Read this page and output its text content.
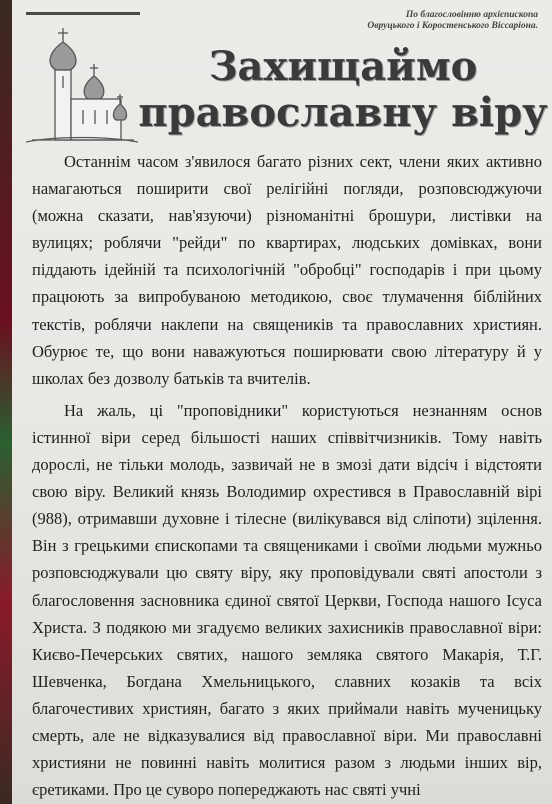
По благословінню архієпископа
Овруцького і Коростенського Віссаріона.
Захищаймо
православну віру

Останнім часом з'явилося багато різних сект, члени яких активно намагаються поширити свої релігійні погляди, розповсюджуючи (можна сказати, нав'язуючи) різноманітні брошури, листівки на вулицях; роблячи "рейди" по квартирах, людських домівках, вони піддають ідейній та психологічній "обробці" господарів і при цьому працюють за випробуваною методикою, своє тлумачення біблійних текстів, роблячи наклепи на священиків та православних християн. Обурює те, що вони наважуються поширювати свою літературу й у школах без дозволу батьків та вчителів.

На жаль, ці "проповідники" користуються незнанням основ істинної віри серед більшості наших співвітчизників. Тому навіть дорослі, не тільки молодь, зазвичай не в змозі дати відсіч і відстояти свою віру. Великий князь Володимир охрестився в Православній вірі (988), отримавши духовне і тілесне (вилікувався від сліпоти) зцілення. Він з грецькими єпископами та священиками і своїми людьми мужньо розповсюджували цю святу віру, яку проповідували святі апостоли з благословення засновника єдиної святої Церкви, Господа нашого Ісуса Христа. З подякою ми згадуємо великих захисників православної віри: Києво-Печерських святих, нашого земляка святого Макарія, Т.Г. Шевченка, Богдана Хмельницького, славних козаків та всіх благочестивих християн, багато з яких приймали навіть мученицьку смерть, але не відказувалися від православної віри. Ми православні християни не повинні навіть молитися разом з людьми інших вір, єретиками. Про це суворо попереджають нас святі учні
